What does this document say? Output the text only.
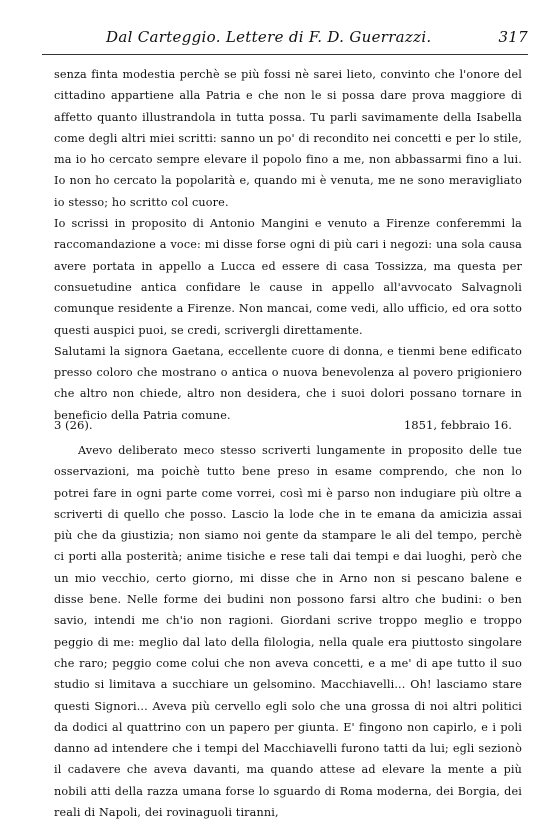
Dal Carteggio. Lettere di F. D. Guerrazzi.	317

senza finta modestia perchè se più fossi nè sarei lieto, convinto che l'onore del cittadino appartiene alla Patria e che non le si possa dare prova maggiore di affetto quanto illustrandola in tutta possa. Tu parli savimamente della Isabella come degli altri miei scritti: sanno un po' di recondito nei concetti e per lo stile, ma io ho cercato sempre elevare il popolo fino a me, non abbassarmi fino a lui. Io non ho cercato la popolarità e, quando mi è venuta, me ne sono meravigliato io stesso; ho scritto col cuore.

Io scrissi in proposito di Antonio Mangini e venuto a Firenze conferemmi la raccomandazione a voce: mi disse forse ogni di più cari i negozi: una sola causa avere portata in appello a Lucca ed essere di casa Tossizza, ma questa per consuetudine antica confidare le cause in appello all'avvocato Salvagnoli comunque residente a Firenze. Non mancai, come vedi, allo ufficio, ed ora sotto questi auspici puoi, se credi, scrivergli direttamente.

Salutami la signora Gaetana, eccellente cuore di donna, e tienmi bene edificato presso coloro che mostrano o antica o nuova benevolenza al povero prigioniero che altro non chiede, altro non desidera, che i suoi dolori possano tornare in beneficio della Patria comune.

3 (26).	1851, febbraio 16.

Avevo deliberato meco stesso scriverti lungamente in proposito delle tue osservazioni, ma poichè tutto bene preso in esame comprendo, che non lo potrei fare in ogni parte come vorrei, così mi è parso non indugiare più oltre a scriverti di quello che posso. Lascio la lode che in te emana da amicizia assai più che da giustizia; non siamo noi gente da stampare le ali del tempo, perchè ci porti alla posterità; anime tisiche e rese tali dai tempi e dai luoghi, però che un mio vecchio, certo giorno, mi disse che in Arno non si pescano balene e disse bene. Nelle forme dei budini non possono farsi altro che budini: o ben savio, intendi me ch'io non ragioni. Giordani scrive troppo meglio e troppo peggio di me: meglio dal lato della filologia, nella quale era piuttosto singolare che raro; peggio come colui che non aveva concetti, e a me' di ape tutto il suo studio si limitava a succhiare un gelsomino. Macchiavelli... Oh! lasciamo stare questi Signori... Aveva più cervello egli solo che una grossa di noi altri politici da dodici al quattrino con un papero per giunta. E' fingono non capirlo, e i poli danno ad intendere che i tempi del Macchiavelli furono tatti da lui; egli sezionò il cadavere che aveva davanti, ma quando attese ad elevare la mente a più nobili atti della razza umana forse lo sguardo di Roma moderna, dei Borgia, dei reali di Napoli, dei rovinaguoli tiranni,
